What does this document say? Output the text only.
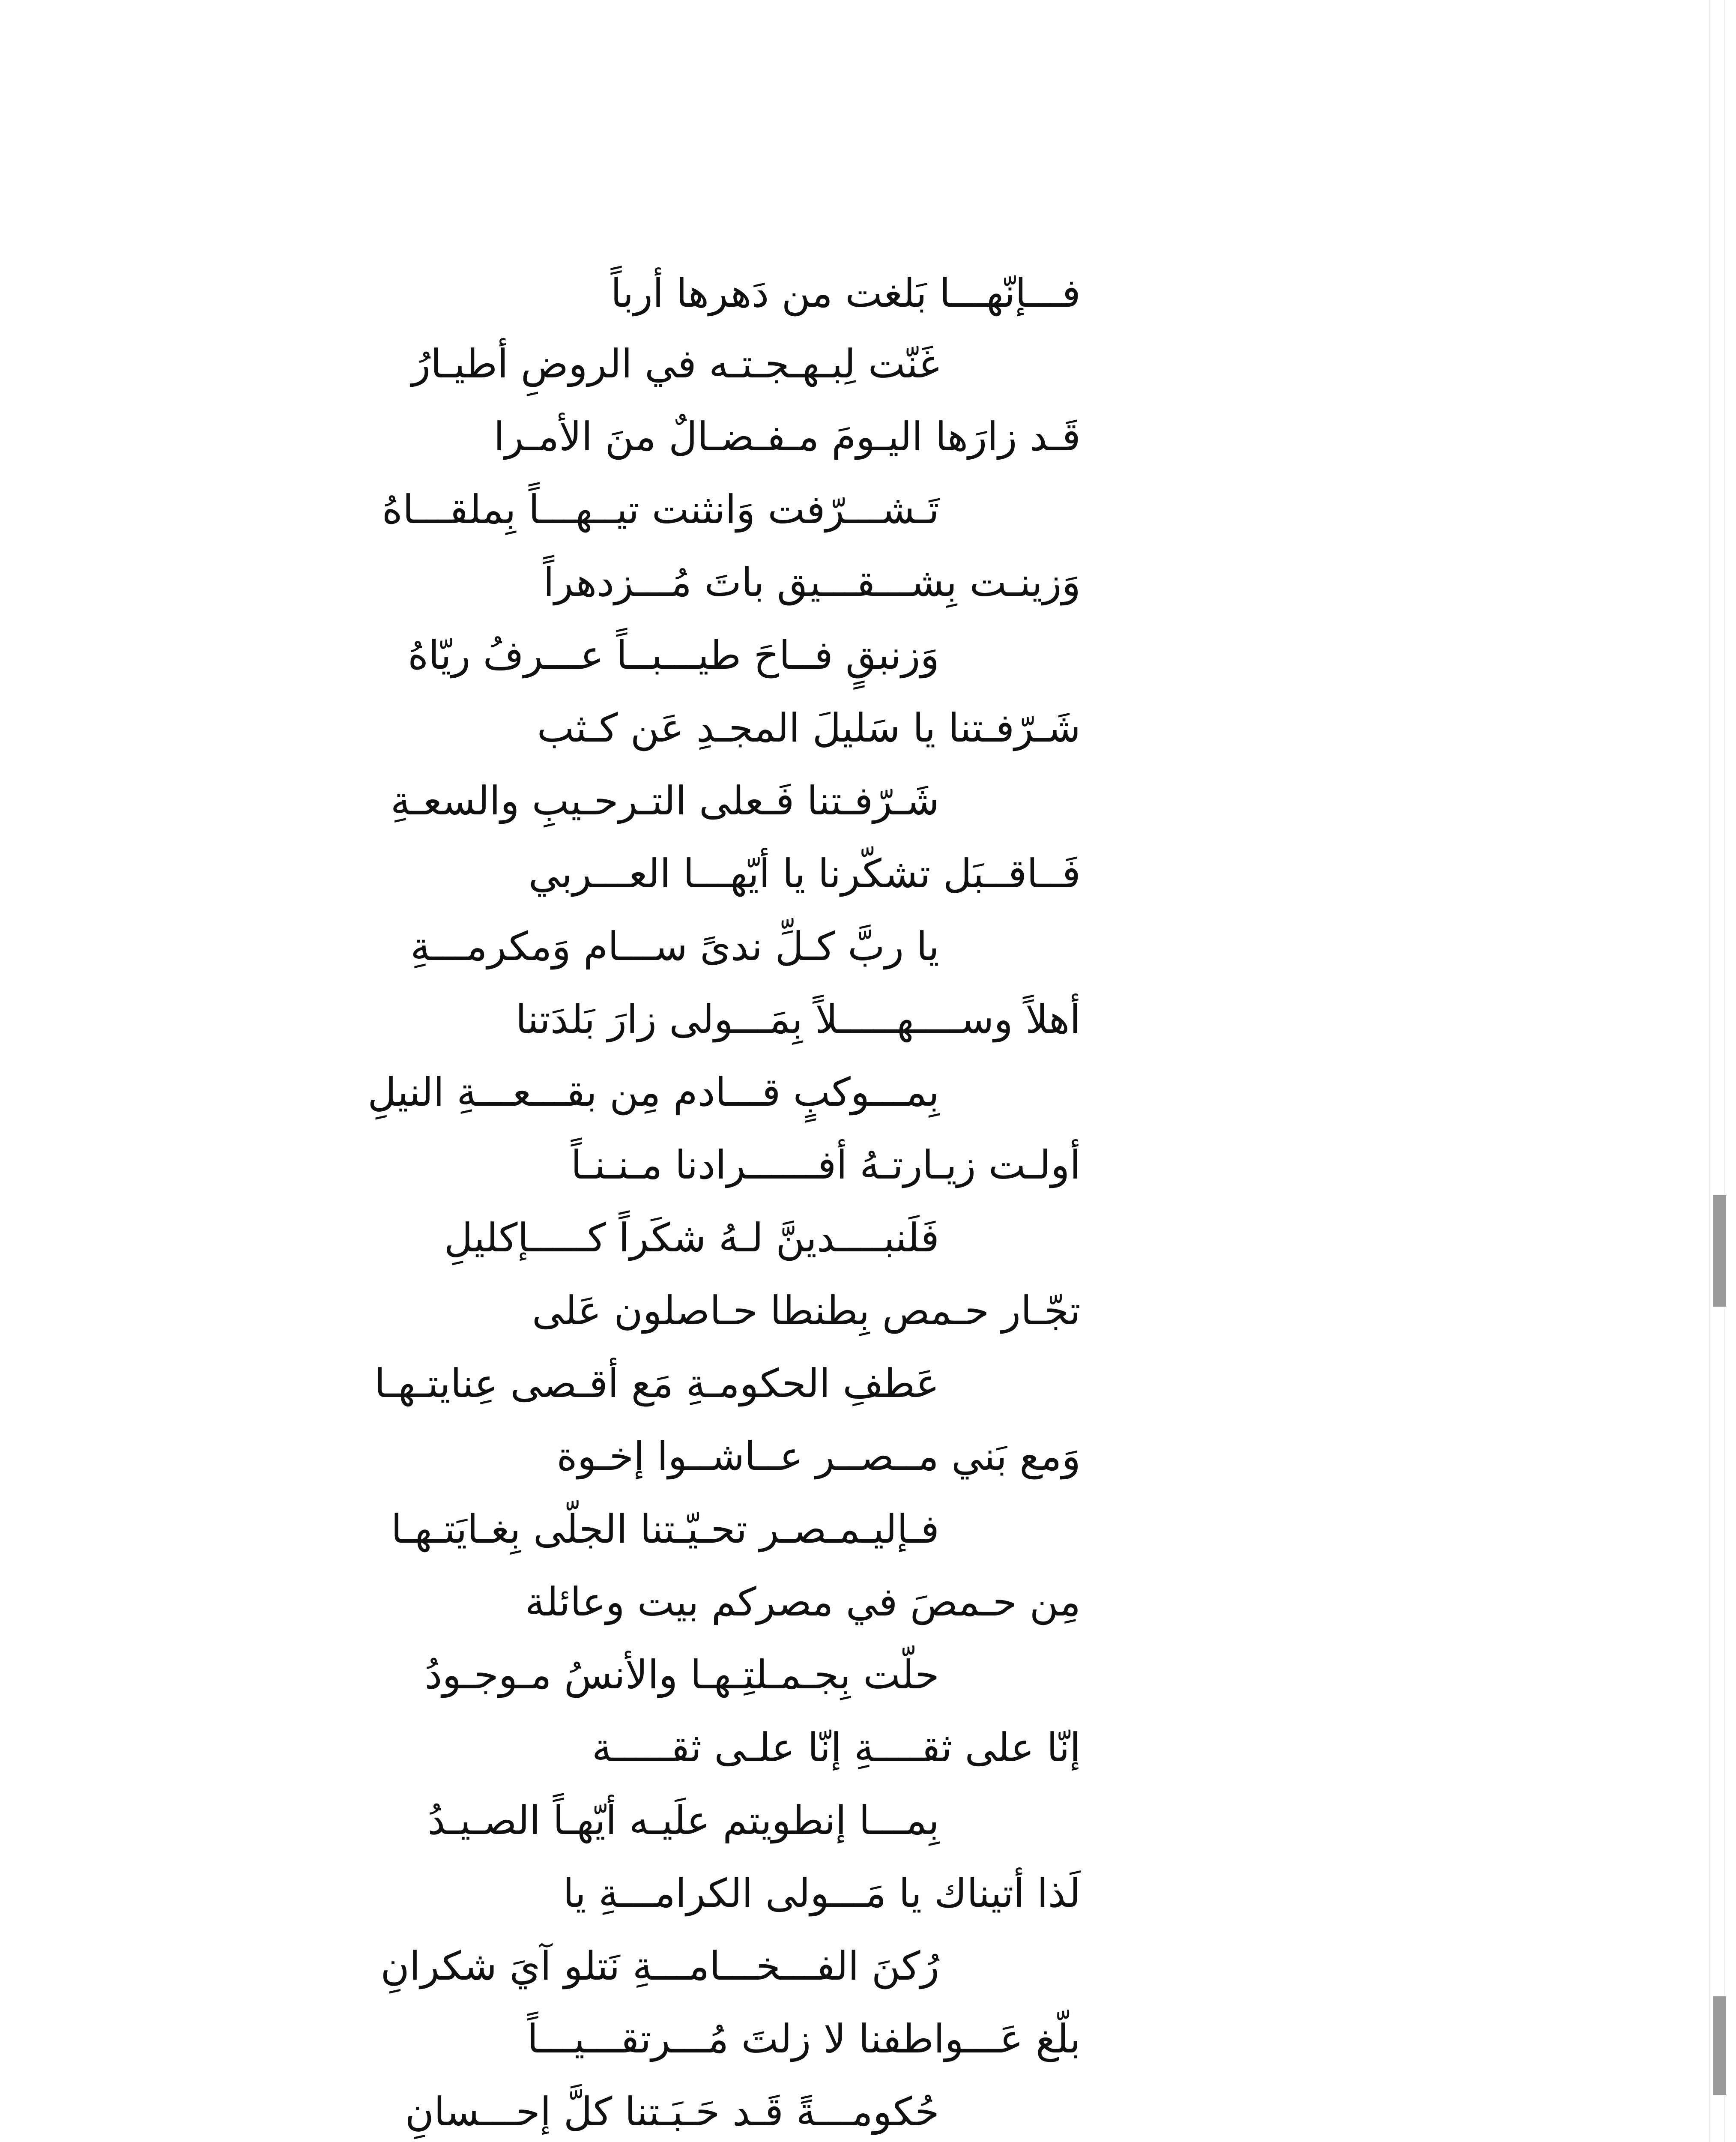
فـــإنّهـــا بَلغت من دَهرها أرباً
غَنّت لِبـهـجـتـه في الروضِ أطيـارُ
قَـد زارَها اليـومَ مـفـضـالٌ منَ الأمـرا
تَـشـــرّفت وَانثنت تيــهـــاً بِملقـــاهُ
وَزينـت بِشـــقـــيق باتَ مُـــزدهراً
وَزنبقٍ فــاحَ طيـــبــاً عـــرفُ ريّاهُ
شَـرّفـتنا يا سَليلَ المجـدِ عَن كـثب
شَـرّفـتنا فَـعلى التـرحـيبِ والسعـةِ
فَــاقــبَل تشكّرنا يا أيّهـــا العـــربي
يا ربَّ كـلِّ ندىً ســـام وَمكرمـــةِ
أهلاً وســــهـــــلاً بِمَـــولى زارَ بَلدَتنا
بِمـــوكبٍ قـــادم مِن بقـــعـــةِ النيلِ
أولـت زيـارتـهُ أفــــــرادنا مـنـنـاً
فَلَنبــــدينَّ لـهُ شكَراً كـــــإكليلِ
تجّـار حـمص بِطنطا حـاصلون عَلى
عَطفِ الحكومـةِ مَع أقـصى عِنايتـهـا
وَمع بَني مــصــر عــاشــوا إخـوة
فـإليـمـصـر تحـيّـتنا الجلّى بِغـايَتـهـا
مِن حـمصَ في مصركم بيت وعائلة
حلّت بِجـمـلتِـهـا والأنسُ مـوجـودُ
إنّا على ثقــــةِ إنّا علـى ثقـــــة
بِمـــا إنطويتم علَيـه أيّهـاً الصـيـدُ
لَذا أتيناك يا مَـــولى الكرامـــةِ يا
رُكنَ الفـــخـــامـــةِ نَتلو آيَ شكرانِ
بلّغ عَـــواطفنا لا زلتَ مُـــرتقـــيـــاً
حُكومـــةً قَـد حَـبَـتنا كلَّ إحـــسانِ
